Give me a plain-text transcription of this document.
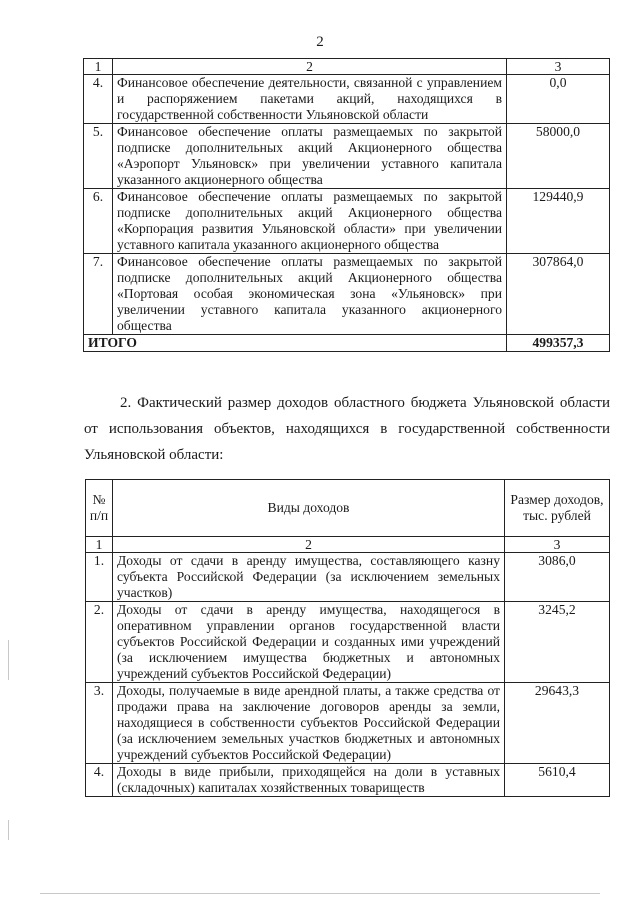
2
1	2	3
4.	Финансовое обеспечение деятельности, связанной с управлением и распоряжением пакетами акций, находящихся в государственной собственности Ульяновской области	0,0
5.	Финансовое обеспечение оплаты размещаемых по закрытой подписке дополнительных акций Акционерного общества «Аэропорт Ульяновск» при увеличении уставного капитала указанного акционерного общества	58000,0
6.	Финансовое обеспечение оплаты размещаемых по закрытой подписке дополнительных акций Акционерного общества «Корпорация развития Ульяновской области» при увеличении уставного капитала указанного акционерного общества	129440,9
7.	Финансовое обеспечение оплаты размещаемых по закрытой подписке дополнительных акций Акционерного общества «Портовая особая экономическая зона «Ульяновск» при увеличении уставного капитала указанного акционерного общества	307864,0
ИТОГО		499357,3
2. Фактический размер доходов областного бюджета Ульяновской области от использования объектов, находящихся в государственной собственности Ульяновской области:
№ п/п	Виды доходов	Размер доходов, тыс. рублей
1	2	3
1.	Доходы от сдачи в аренду имущества, составляющего казну субъекта Российской Федерации (за исключением земельных участков)	3086,0
2.	Доходы от сдачи в аренду имущества, находящегося в оперативном управлении органов государственной власти субъектов Российской Федерации и созданных ими учреждений (за исключением имущества бюджетных и автономных учреждений субъектов Российской Федерации)	3245,2
3.	Доходы, получаемые в виде арендной платы, а также средства от продажи права на заключение договоров аренды за земли, находящиеся в собственности субъектов Российской Федерации (за исключением земельных участков бюджетных и автономных учреждений субъектов Российской Федерации)	29643,3
4.	Доходы в виде прибыли, приходящейся на доли в уставных (складочных) капиталах хозяйственных товариществ	5610,4
